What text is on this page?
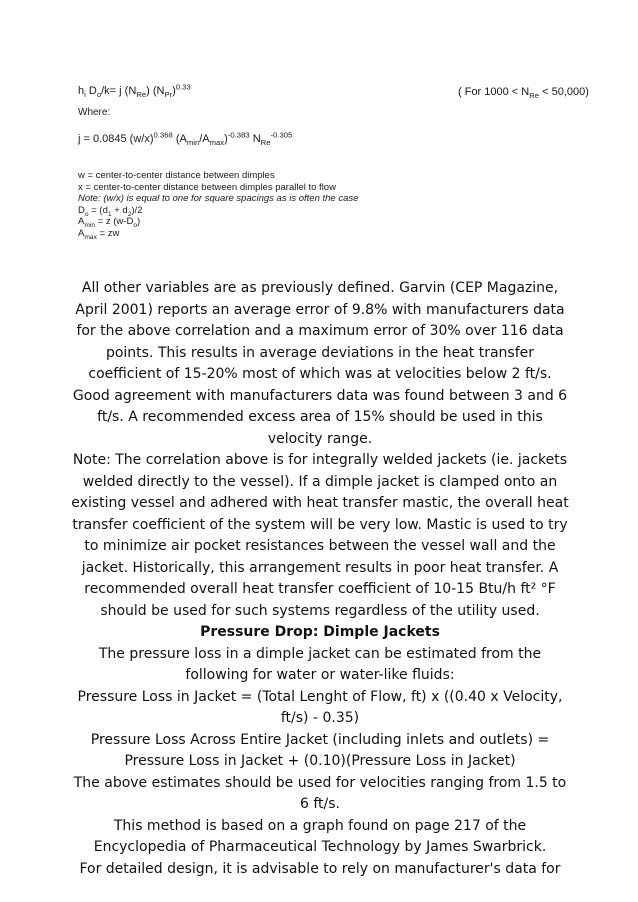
$h_i$ $D_o/k= j$ $(N_{Re})$ $(N_{Pr})^{0.33}$	( For $1000 < N_{Re} < 50,000$)
Where:
j = 0.0845 $(w/x)^{0.368}$ $(A_{min}/A_{max})^{-0.383}$ $N_{Re}^{-0.305}$
w = center-to-center distance between dimples
x = center-to-center distance between dimples parallel to flow
Note: (w/x) is equal to one for square spacings as is often the case
$D_o = (d_1 + d_2)/2$
$A_{min} = z$ $(w-D_o)$
$A_{max}$ = zw

All other variables are as previously defined. Garvin (CEP Magazine, April 2001) reports an average error of 9.8% with manufacturers data for the above correlation and a maximum error of 30% over 116 data points. This results in average deviations in the heat transfer coefficient of 15-20% most of which was at velocities below 2 ft/s. Good agreement with manufacturers data was found between 3 and 6 ft/s. A recommended excess area of 15% should be used in this velocity range.

Note: The correlation above is for integrally welded jackets (ie. jackets welded directly to the vessel). If a dimple jacket is clamped onto an existing vessel and adhered with heat transfer mastic, the overall heat transfer coefficient of the system will be very low. Mastic is used to try to minimize air pocket resistances between the vessel wall and the jacket. Historically, this arrangement results in poor heat transfer. A recommended overall heat transfer coefficient of 10-15 Btu/h ft² °F should be used for such systems regardless of the utility used.

Pressure Drop: Dimple Jackets

The pressure loss in a dimple jacket can be estimated from the following for water or water-like fluids:

Pressure Loss in Jacket = (Total Lenght of Flow, ft) x ((0.40 x Velocity, ft/s) - 0.35)

Pressure Loss Across Entire Jacket (including inlets and outlets) = Pressure Loss in Jacket + (0.10)(Pressure Loss in Jacket)

The above estimates should be used for velocities ranging from 1.5 to 6 ft/s.

This method is based on a graph found on page 217 of the Encyclopedia of Pharmaceutical Technology by James Swarbrick.

For detailed design, it is advisable to rely on manufacturer's data for
